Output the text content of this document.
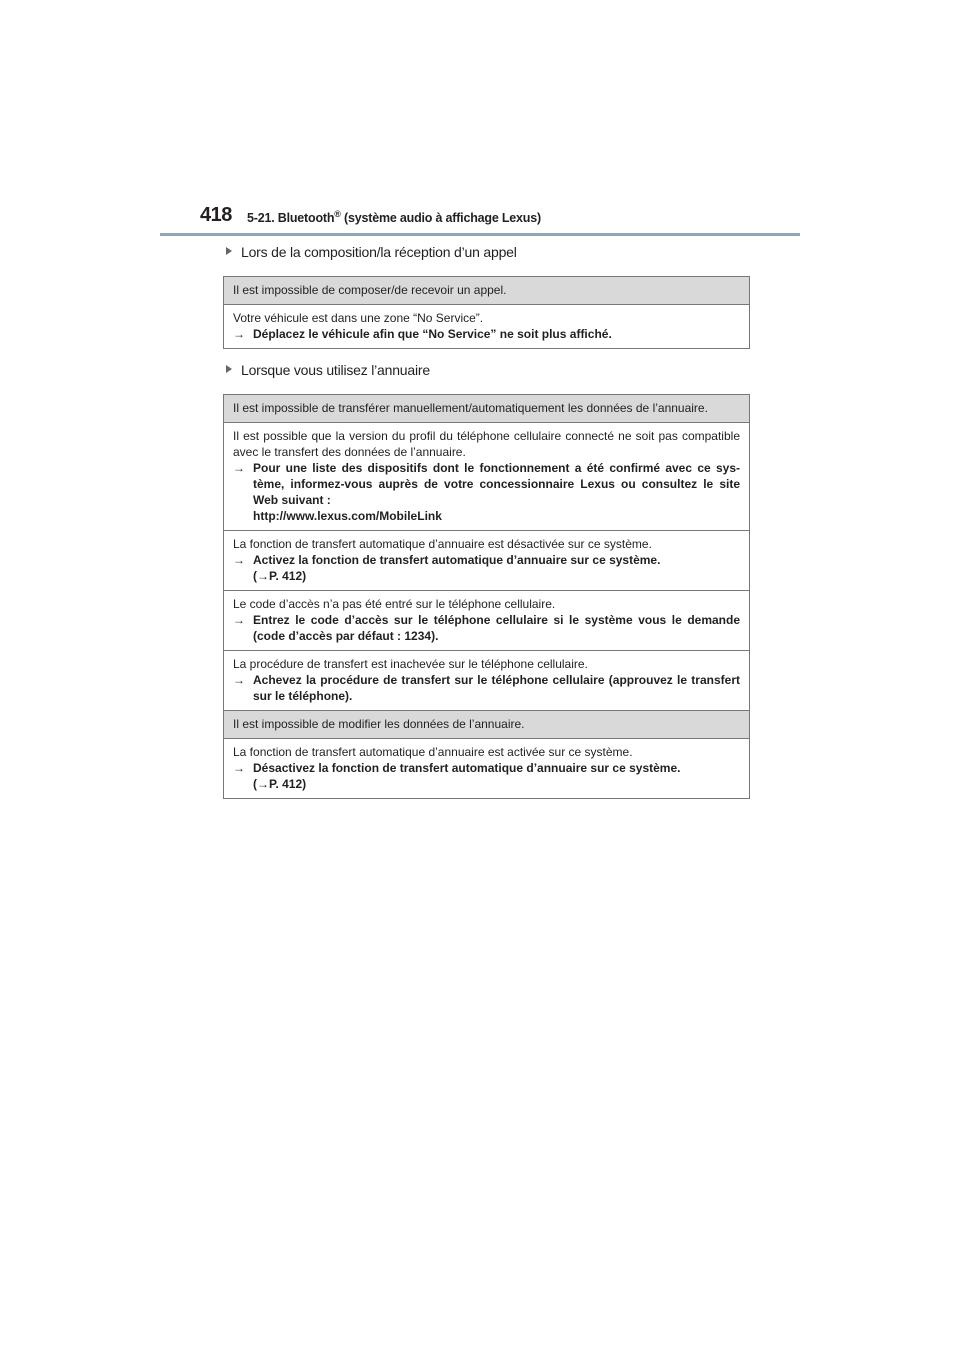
418 5-21. Bluetooth® (système audio à affichage Lexus)
Lors de la composition/la réception d’un appel
Il est impossible de composer/de recevoir un appel.
Votre véhicule est dans une zone “No Service”.
→ Déplacez le véhicule afin que “No Service” ne soit plus affiché.
Lorsque vous utilisez l’annuaire
Il est impossible de transférer manuellement/automatiquement les données de l’annuaire.
Il est possible que la version du profil du téléphone cellulaire connecté ne soit pas compatible avec le transfert des données de l’annuaire.
→ Pour une liste des dispositifs dont le fonctionnement a été confirmé avec ce sys-tème, informez-vous auprès de votre concessionnaire Lexus ou consultez le site Web suivant :
http://www.lexus.com/MobileLink
La fonction de transfert automatique d’annuaire est désactivée sur ce système.
→ Activez la fonction de transfert automatique d’annuaire sur ce système.
(→P. 412)
Le code d’accès n’a pas été entré sur le téléphone cellulaire.
→ Entrez le code d’accès sur le téléphone cellulaire si le système vous le demande (code d’accès par défaut : 1234).
La procédure de transfert est inachevée sur le téléphone cellulaire.
→ Achevez la procédure de transfert sur le téléphone cellulaire (approuvez le transfert sur le téléphone).
Il est impossible de modifier les données de l’annuaire.
La fonction de transfert automatique d’annuaire est activée sur ce système.
→ Désactivez la fonction de transfert automatique d’annuaire sur ce système.
(→P. 412)
